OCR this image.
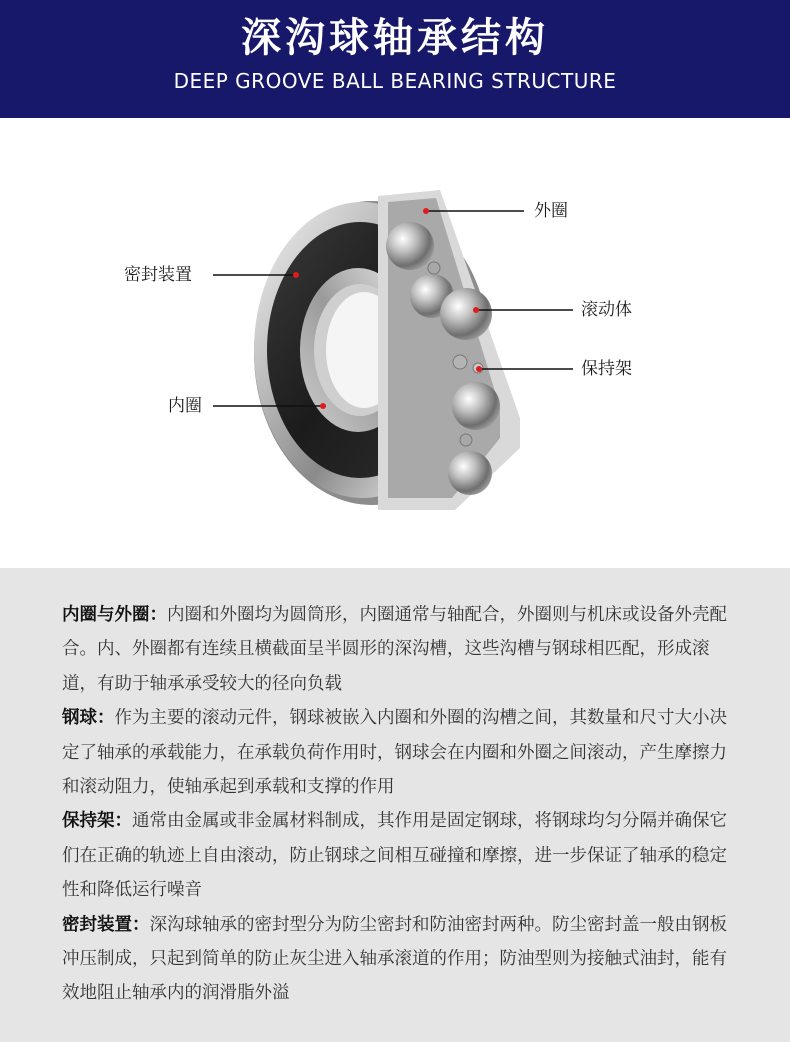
深沟球轴承结构
DEEP GROOVE BALL BEARING STRUCTURE
外圈
密封装置
滚动体
保持架
内圈

内圈与外圈：内圈和外圈均为圆筒形，内圈通常与轴配合，外圈则与机床或设备外壳配合。内、外圈都有连续且横截面呈半圆形的深沟槽，这些沟槽与钢球相匹配，形成滚道，有助于轴承承受较大的径向负载

钢球：作为主要的滚动元件，钢球被嵌入内圈和外圈的沟槽之间，其数量和尺寸大小决定了轴承的承载能力，在承载负荷作用时，钢球会在内圈和外圈之间滚动，产生摩擦力和滚动阻力，使轴承起到承载和支撑的作用

保持架：通常由金属或非金属材料制成，其作用是固定钢球，将钢球均匀分隔并确保它们在正确的轨迹上自由滚动，防止钢球之间相互碰撞和摩擦，进一步保证了轴承的稳定性和降低运行噪音

密封装置：深沟球轴承的密封型分为防尘密封和防油密封两种。防尘密封盖一般由钢板冲压制成，只起到简单的防止灰尘进入轴承滚道的作用；防油型则为接触式油封，能有效地阻止轴承内的润滑脂外溢
